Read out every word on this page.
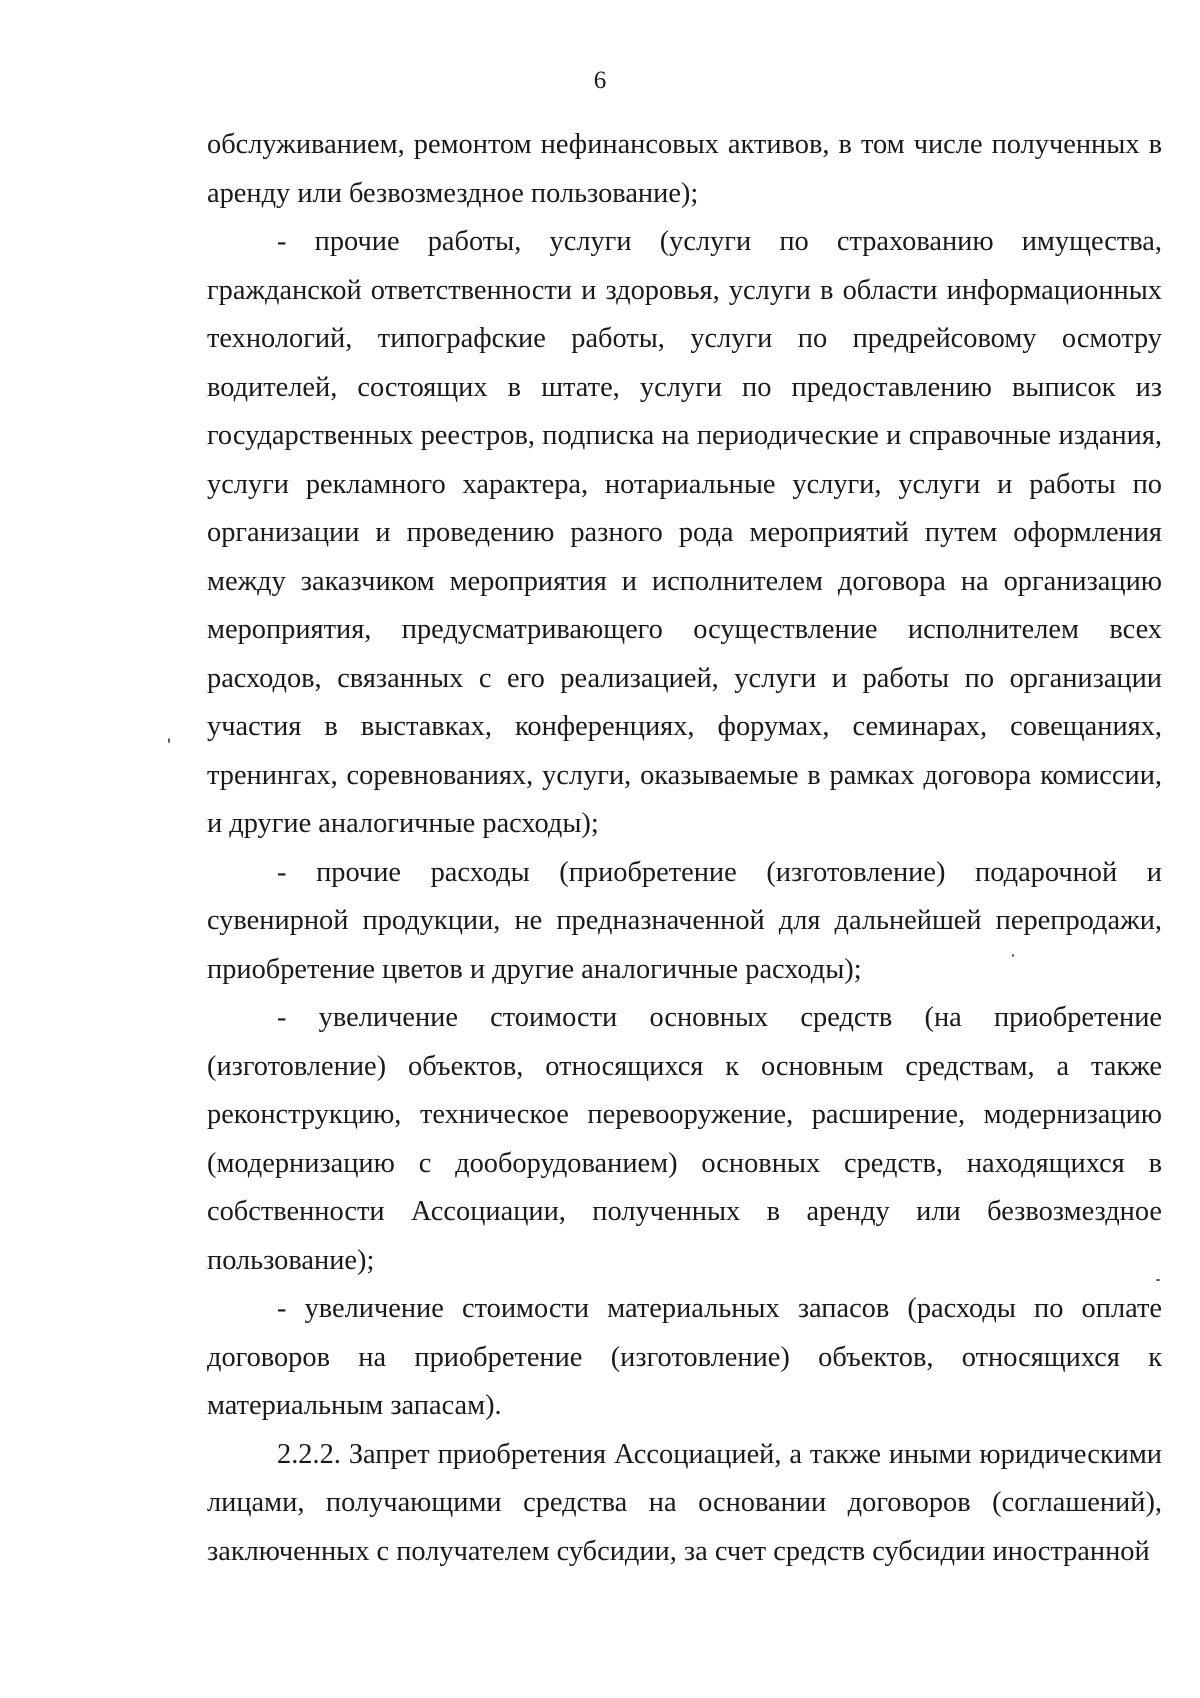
6

обслуживанием, ремонтом нефинансовых активов, в том числе полученных в аренду или безвозмездное пользование);

- прочие работы, услуги (услуги по страхованию имущества, гражданской ответственности и здоровья, услуги в области информационных технологий, типографские работы, услуги по предрейсовому осмотру водителей, состоящих в штате, услуги по предоставлению выписок из государственных реестров, подписка на периодические и справочные издания, услуги рекламного характера, нотариальные услуги, услуги и работы по организации и проведению разного рода мероприятий путем оформления между заказчиком мероприятия и исполнителем договора на организацию мероприятия, предусматривающего осуществление исполнителем всех расходов, связанных с его реализацией, услуги и работы по организации участия в выставках, конференциях, форумах, семинарах, совещаниях, тренингах, соревнованиях, услуги, оказываемые в рамках договора комиссии, и другие аналогичные расходы);

- прочие расходы (приобретение (изготовление) подарочной и сувенирной продукции, не предназначенной для дальнейшей перепродажи, приобретение цветов и другие аналогичные расходы);

- увеличение стоимости основных средств (на приобретение (изготовление) объектов, относящихся к основным средствам, а также реконструкцию, техническое перевооружение, расширение, модернизацию (модернизацию с дооборудованием) основных средств, находящихся в собственности Ассоциации, полученных в аренду или безвозмездное пользование);

- увеличение стоимости материальных запасов (расходы по оплате договоров на приобретение (изготовление) объектов, относящихся к материальным запасам).

2.2.2. Запрет приобретения Ассоциацией, а также иными юридическими лицами, получающими средства на основании договоров (соглашений), заключенных с получателем субсидии, за счет средств субсидии иностранной
